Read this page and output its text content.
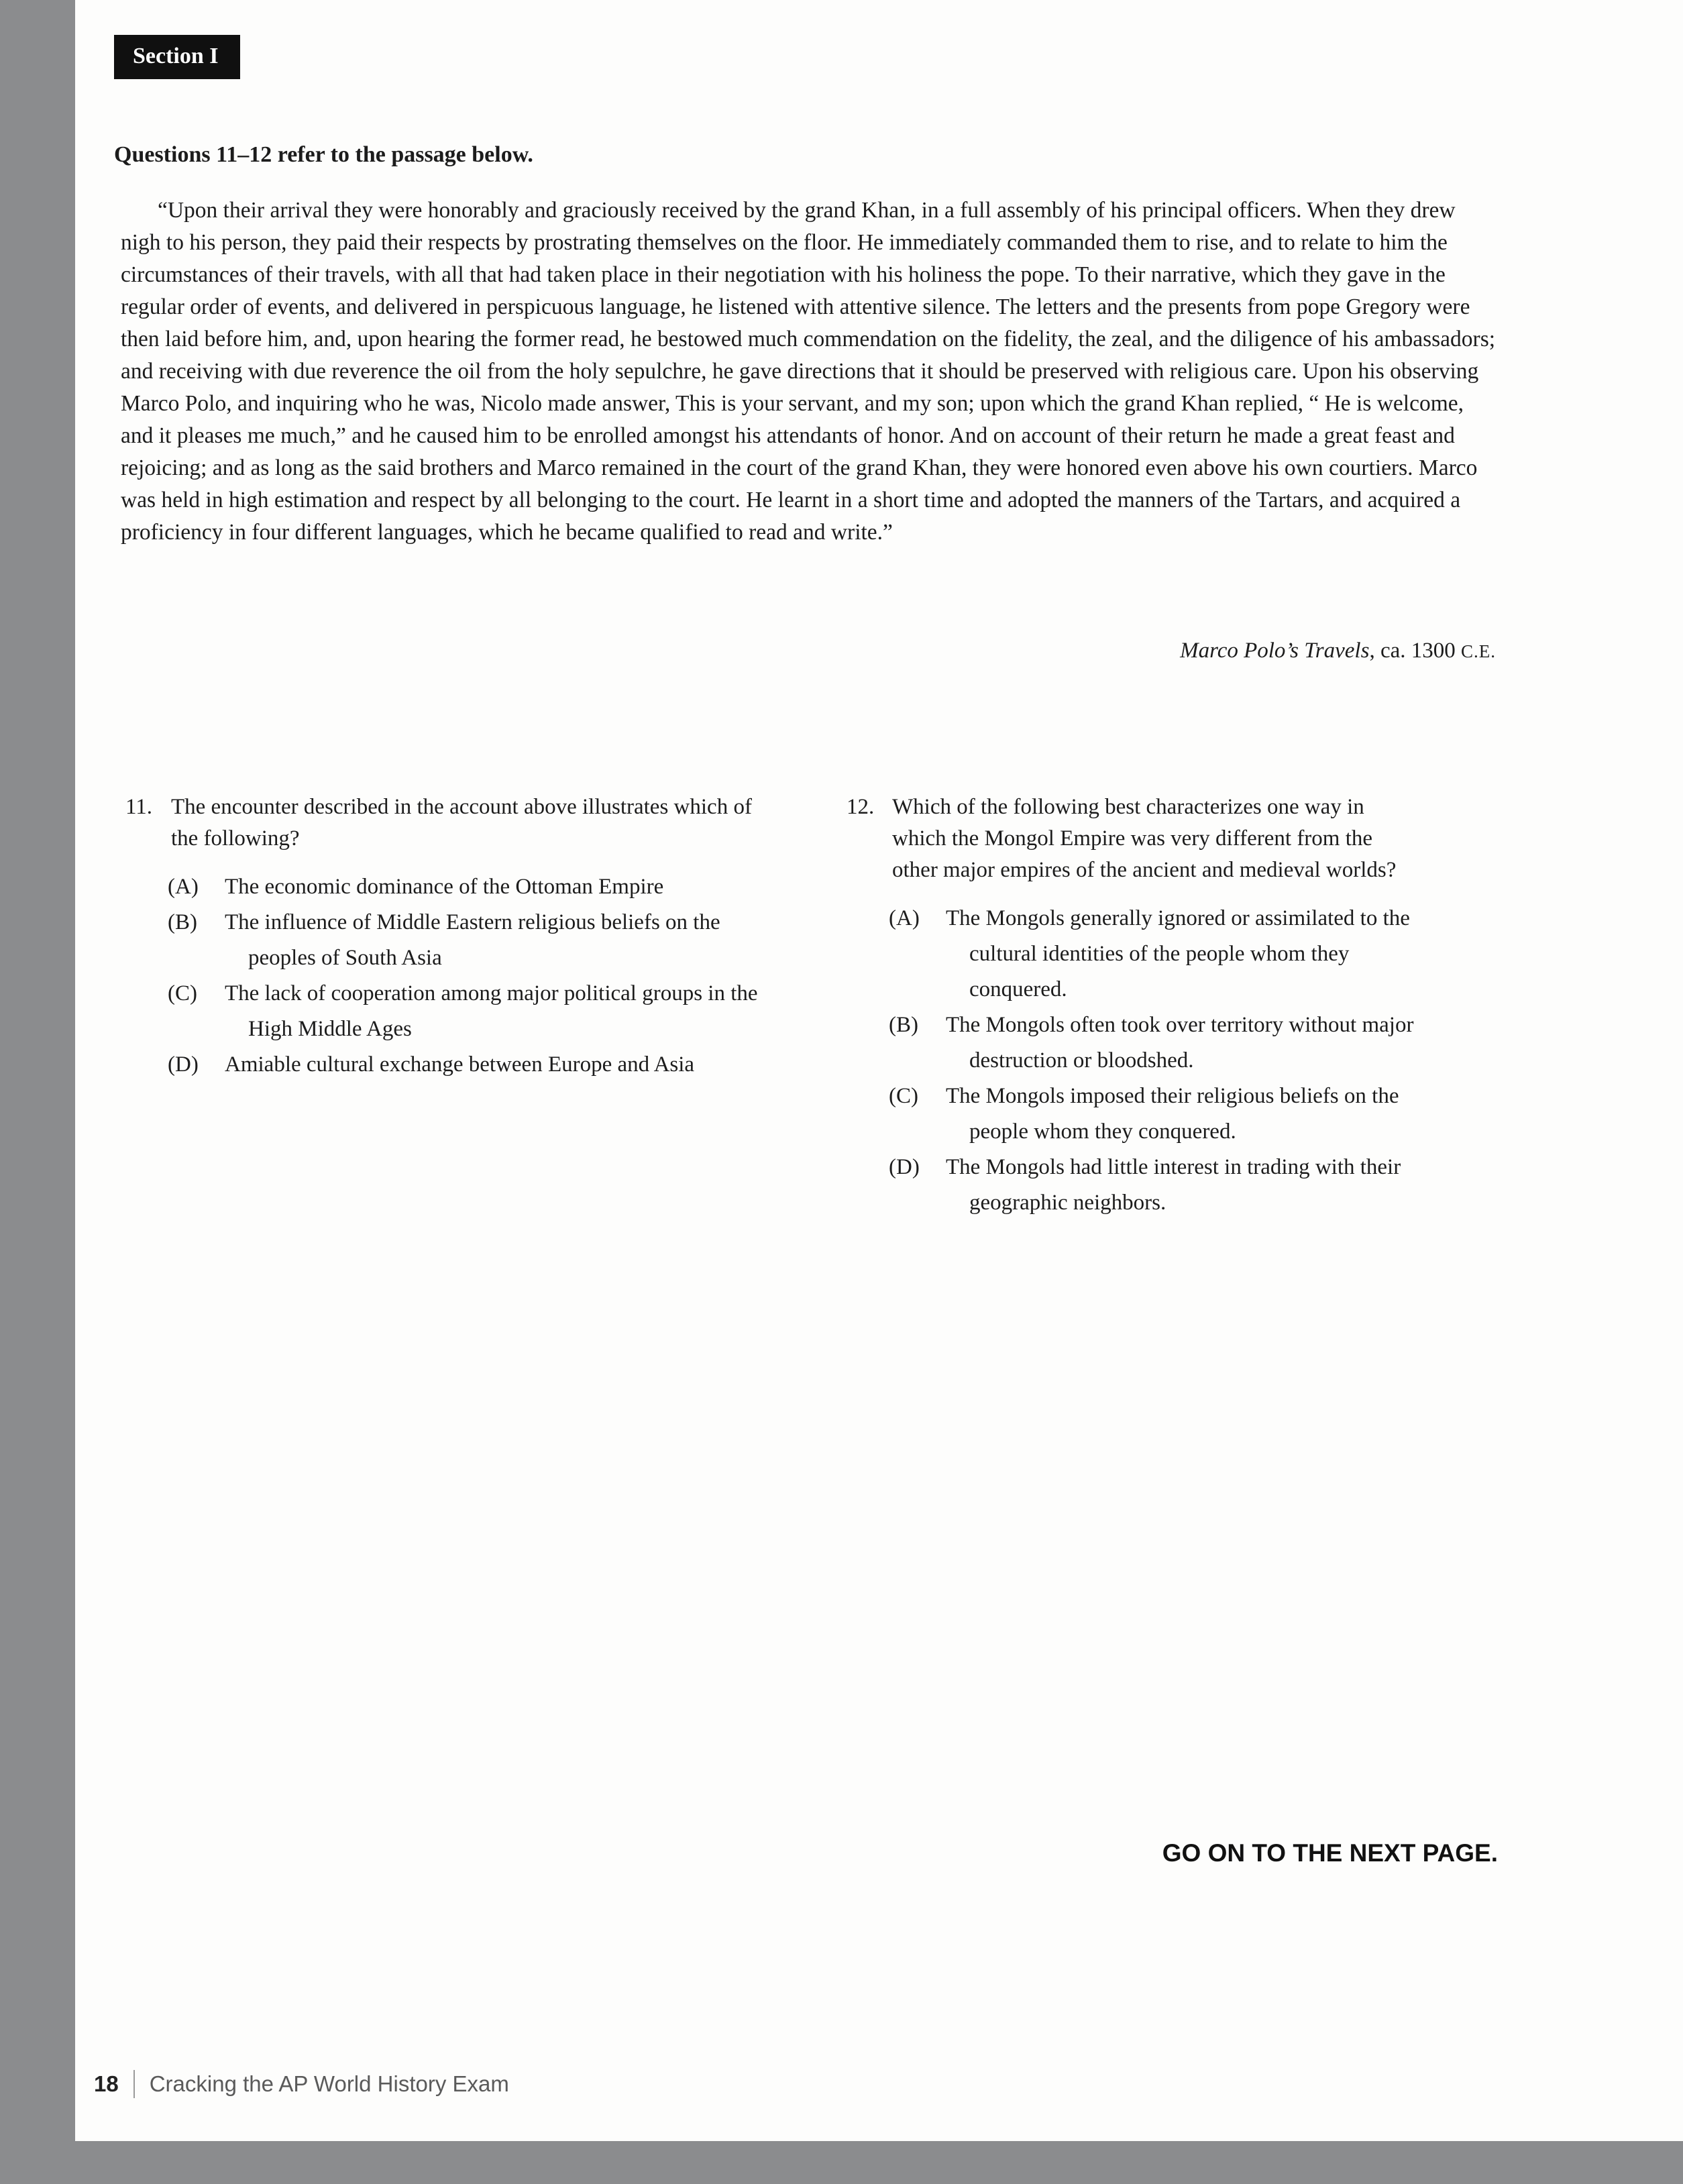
Section I
Questions 11–12 refer to the passage below.

“Upon their arrival they were honorably and graciously received by the grand Khan, in a full assembly of his principal officers. When they drew nigh to his person, they paid their respects by prostrating themselves on the floor. He immediately commanded them to rise, and to relate to him the circumstances of their travels, with all that had taken place in their negotiation with his holiness the pope. To their narrative, which they gave in the regular order of events, and delivered in perspicuous language, he listened with attentive silence. The letters and the presents from pope Gregory were then laid before him, and, upon hearing the former read, he bestowed much commendation on the fidelity, the zeal, and the diligence of his ambassadors; and receiving with due reverence the oil from the holy sepulchre, he gave directions that it should be preserved with religious care. Upon his observing Marco Polo, and inquiring who he was, Nicolo made answer, This is your servant, and my son; upon which the grand Khan replied, “ He is welcome, and it pleases me much,” and he caused him to be enrolled amongst his attendants of honor. And on account of their return he made a great feast and rejoicing; and as long as the said brothers and Marco remained in the court of the grand Khan, they were honored even above his own courtiers. Marco was held in high estimation and respect by all belonging to the court. He learnt in a short time and adopted the manners of the Tartars, and acquired a proficiency in four different languages, which he became qualified to read and write.”

Marco Polo’s Travels, ca. 1300 C.E.
11. The encounter described in the account above illustrates which of the following?
(A)	The economic dominance of the Ottoman Empire
(B)	The influence of Middle Eastern religious beliefs on the peoples of South Asia
(C)	The lack of cooperation among major political groups in the High Middle Ages
(D)	Amiable cultural exchange between Europe and Asia
12. Which of the following best characterizes one way in which the Mongol Empire was very different from the other major empires of the ancient and medieval worlds?
(A)	The Mongols generally ignored or assimilated to the cultural identities of the people whom they conquered.
(B)	The Mongols often took over territory without major destruction or bloodshed.
(C)	The Mongols imposed their religious beliefs on the people whom they conquered.
(D)	The Mongols had little interest in trading with their geographic neighbors.
GO ON TO THE NEXT PAGE.
18 Cracking the AP World History Exam
